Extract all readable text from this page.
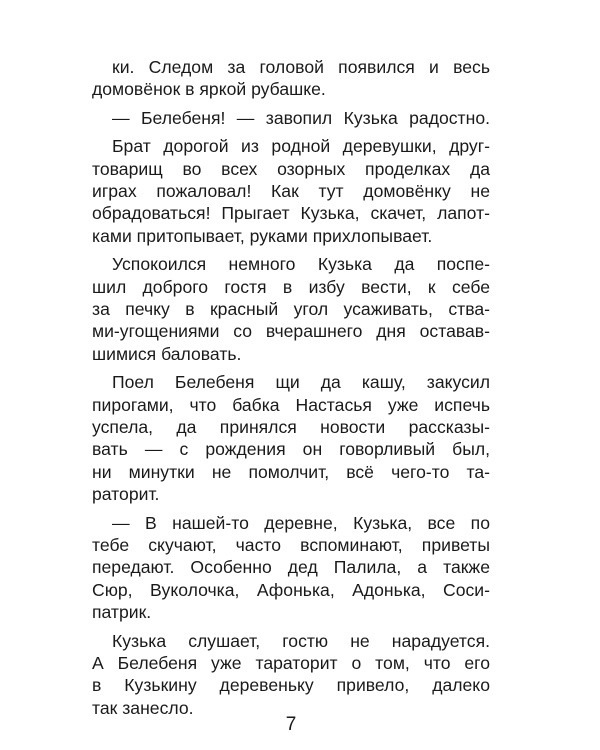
ки. Следом за головой появился и весь
домовёнок в яркой рубашке.
— Белебеня! — завопил Кузька радостно.
Брат дорогой из родной деревушки, друг-
товарищ во всех озорных проделках да
играх пожаловал! Как тут домовёнку не
обрадоваться! Прыгает Кузька, скачет, лапот-
ками притопывает, руками прихлопывает.
Успокоился немного Кузька да поспе-
шил доброго гостя в избу вести, к себе
за печку в красный угол усаживать, ства-
ми-угощениями со вчерашнего дня оставав-
шимися баловать.
Поел Белебеня щи да кашу, закусил
пирогами, что бабка Настасья уже испечь
успела, да принялся новости рассказы-
вать — с рождения он говорливый был,
ни минутки не помолчит, всё чего-то та-
раторит.
— В нашей-то деревне, Кузька, все по
тебе скучают, часто вспоминают, приветы
передают. Особенно дед Палила, а также
Сюр, Вуколочка, Афонька, Адонька, Соси-
патрик.
Кузька слушает, гостю не нарадуется.
А Белебеня уже тараторит о том, что его
в Кузькину деревеньку привело, далеко
так занесло.
7
